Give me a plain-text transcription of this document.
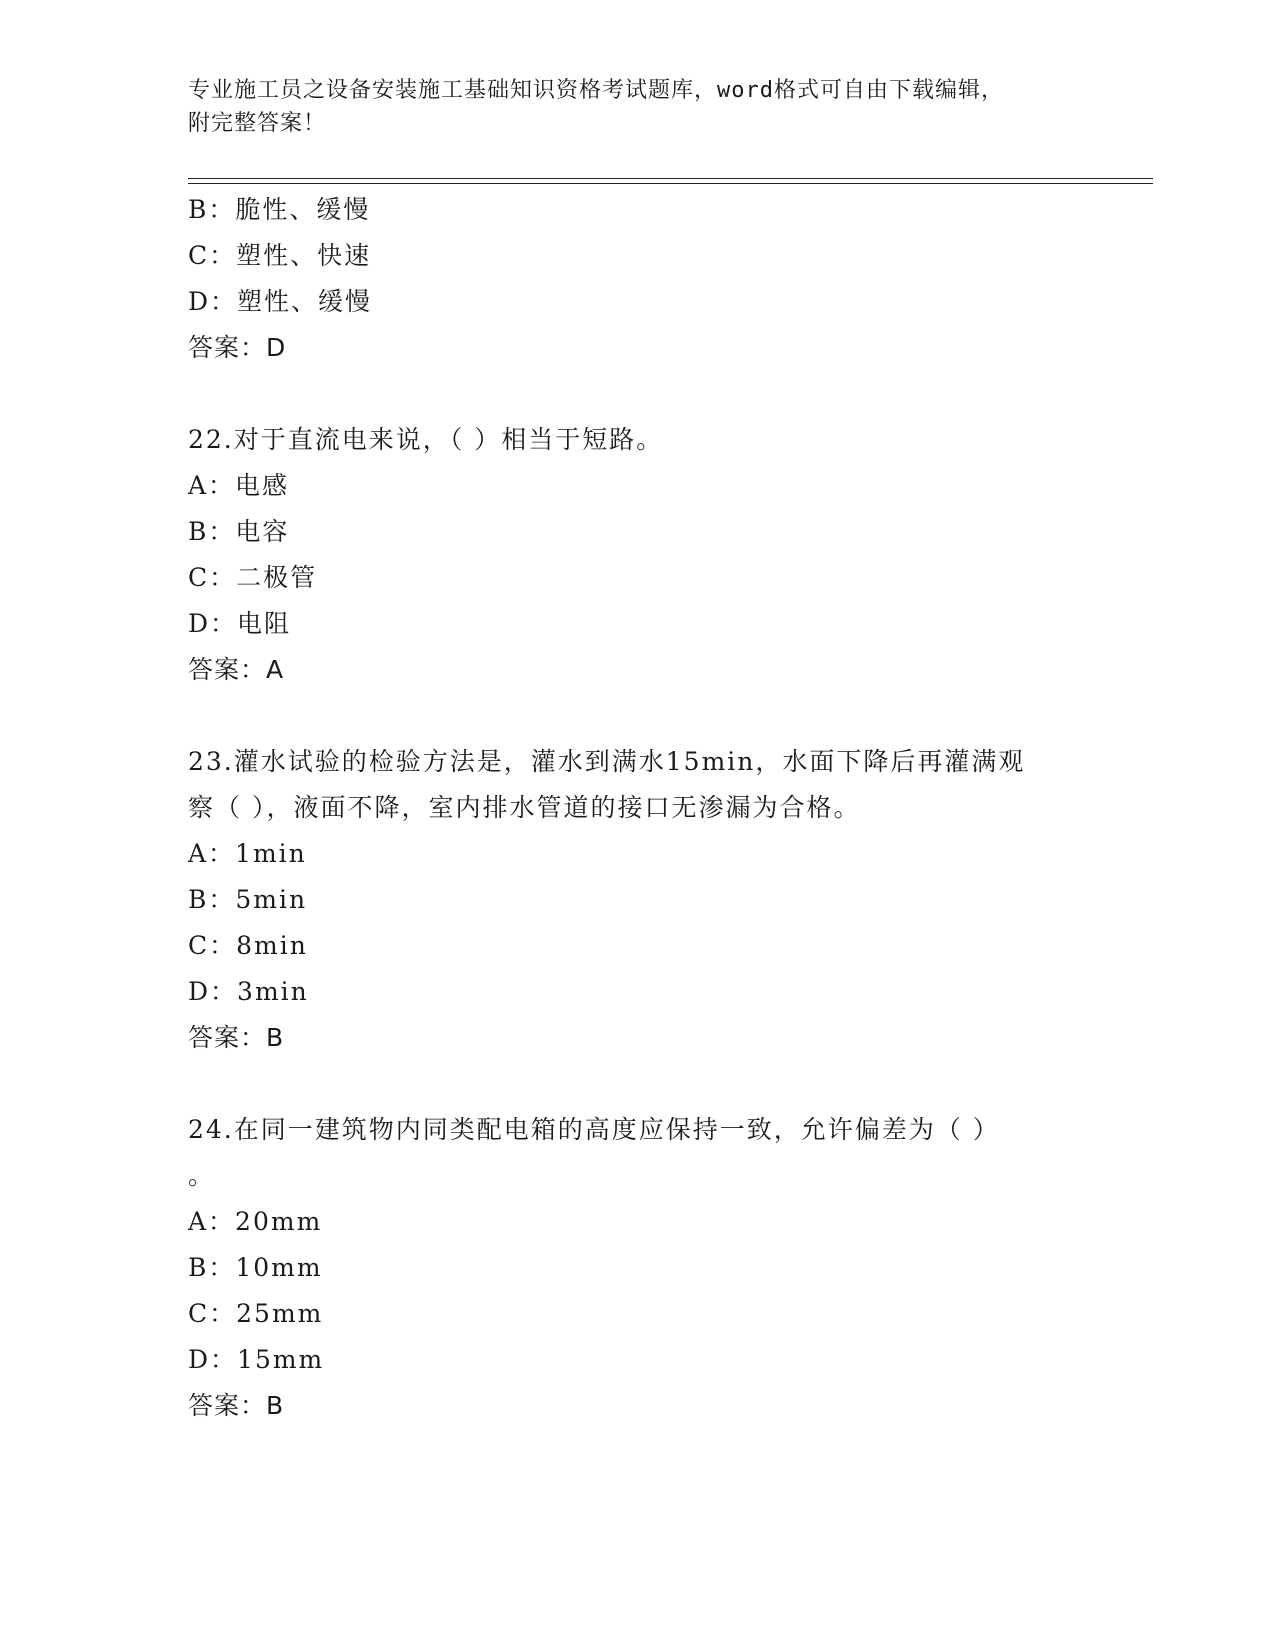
专业施工员之设备安装施工基础知识资格考试题库，word格式可自由下载编辑，
附完整答案！
B：脆性、缓慢
C：塑性、快速
D：塑性、缓慢
答案：D
22.对于直流电来说，（ ）相当于短路。
A：电感
B：电容
C：二极管
D：电阻
答案：A
23.灌水试验的检验方法是，灌水到满水15min，水面下降后再灌满观
察（ ），液面不降，室内排水管道的接口无渗漏为合格。
A：1min
B：5min
C：8min
D：3min
答案：B
24.在同一建筑物内同类配电箱的高度应保持一致，允许偏差为（ ）
。
A：20mm
B：10mm
C：25mm
D：15mm
答案：B
